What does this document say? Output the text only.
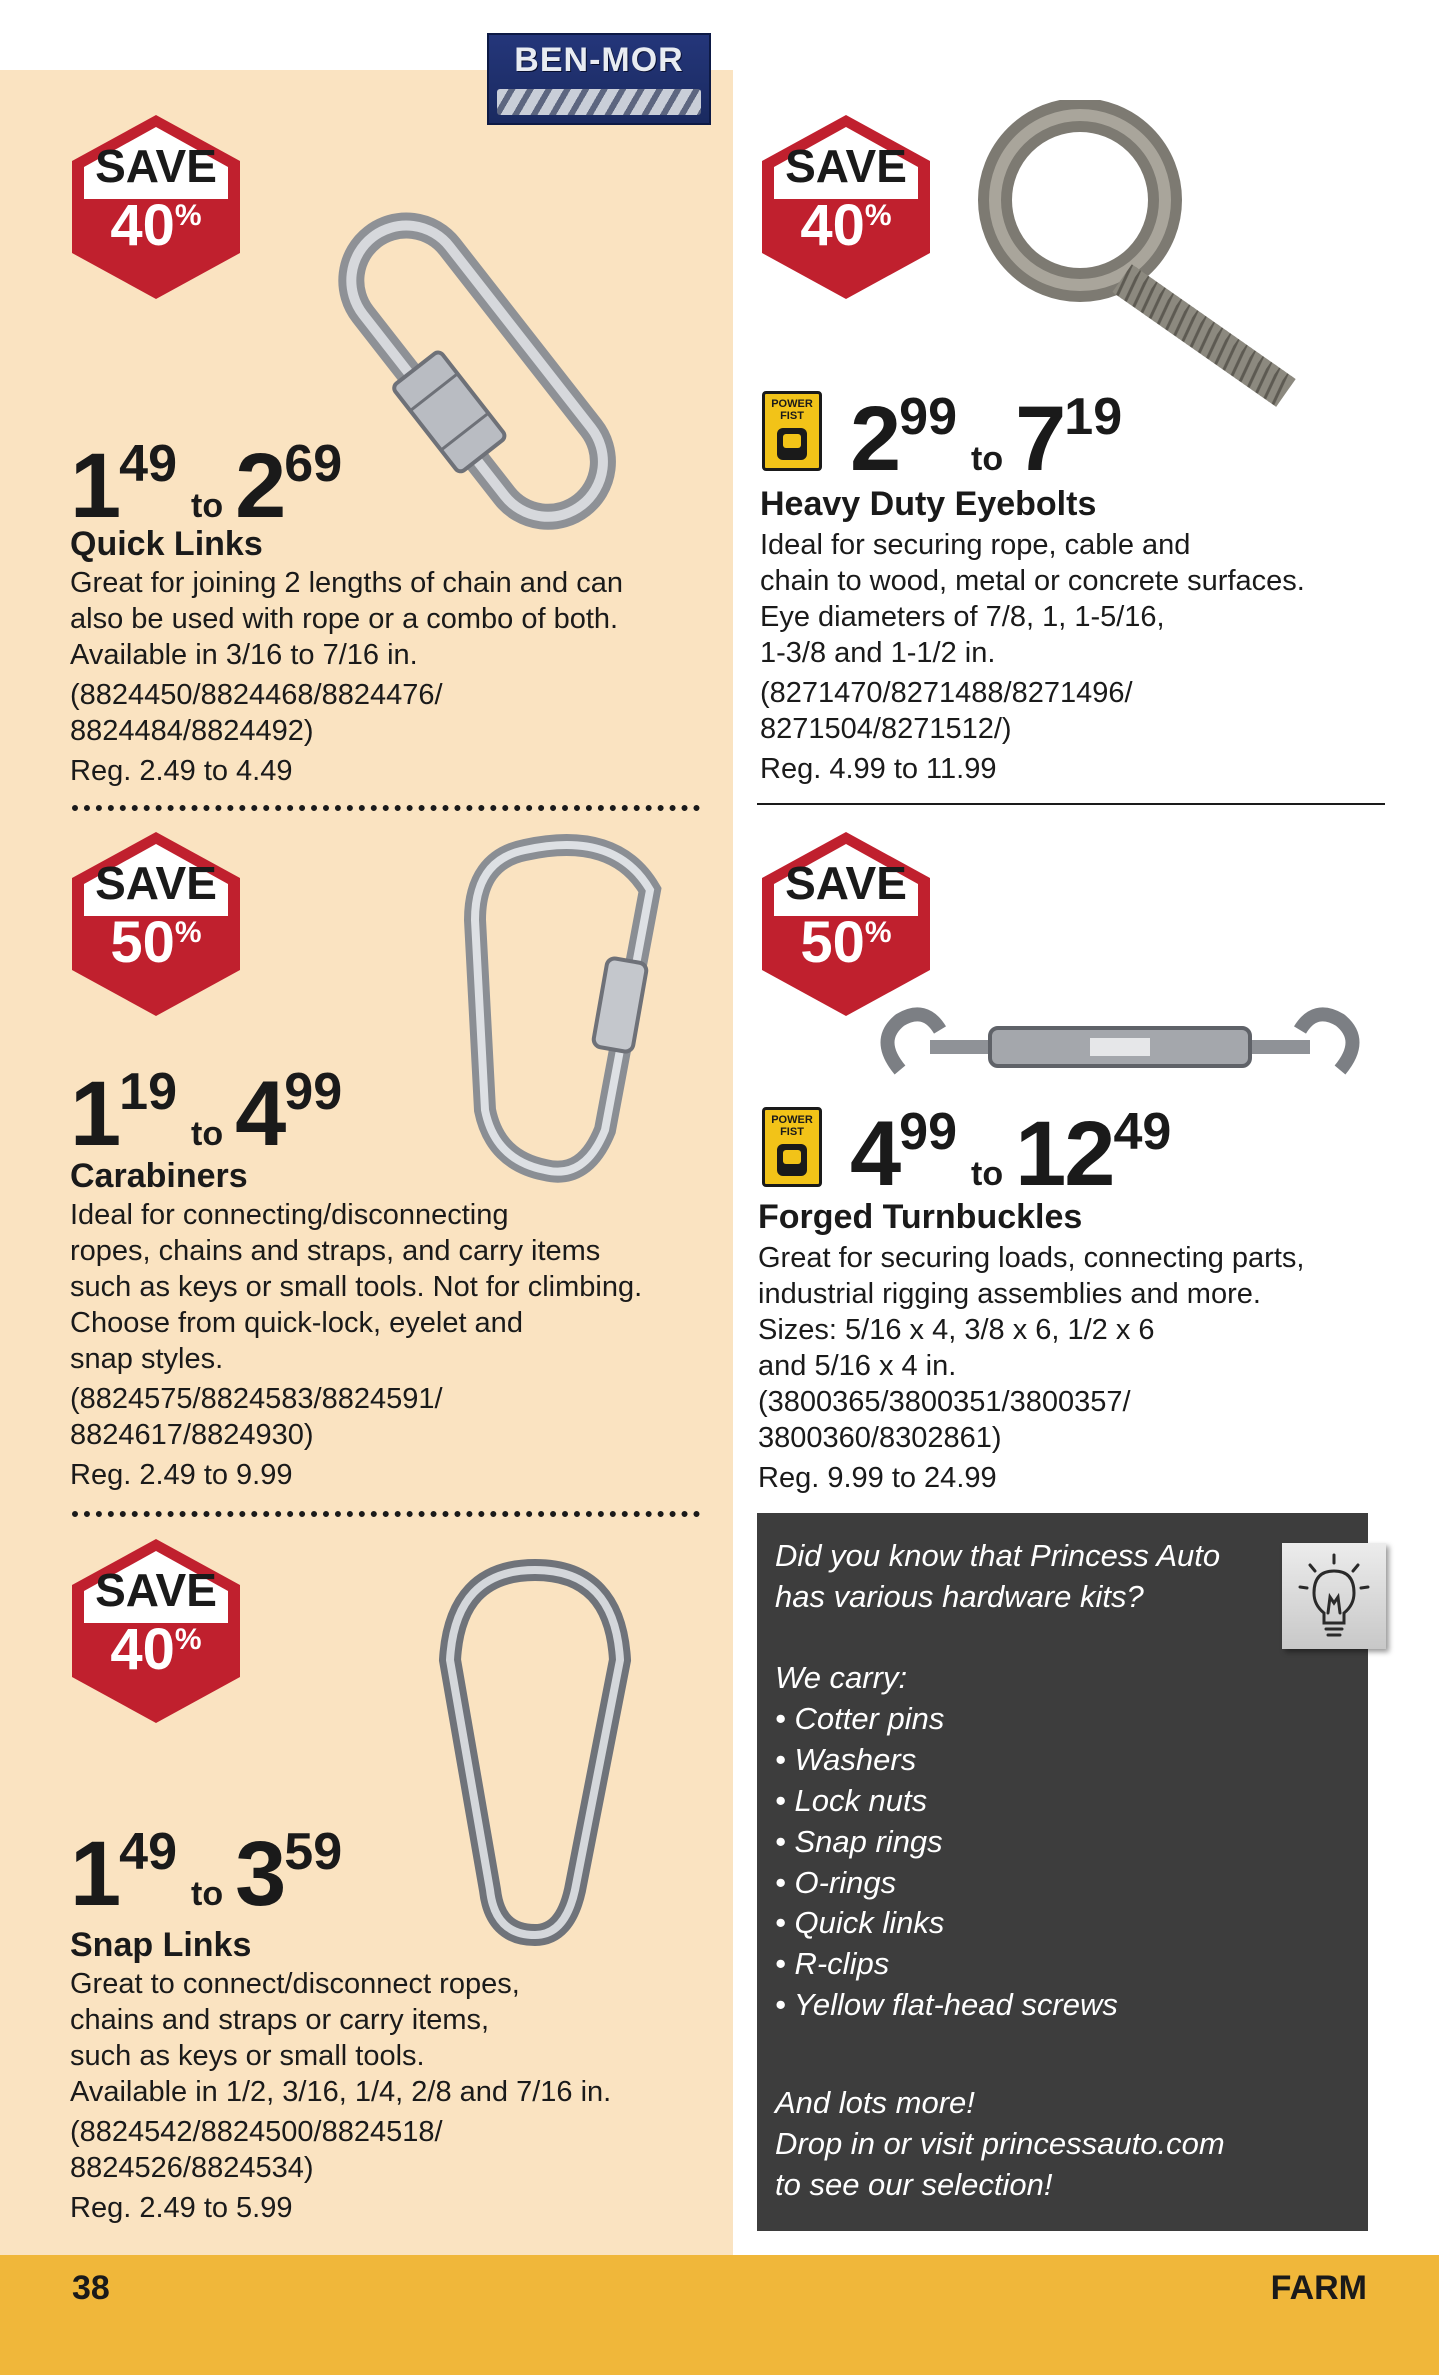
BEN-MOR
SAVE
40%
149to 269
Quick Links
Great for joining 2 lengths of chain and can
also be used with rope or a combo of both.
Available in 3/16 to 7/16 in.
(8824450/8824468/8824476/
8824484/8824492)
Reg. 2.49 to 4.49
SAVE
50%
119to 499
Carabiners
Ideal for connecting/disconnecting
ropes, chains and straps, and carry items
such as keys or small tools. Not for climbing.
Choose from quick-lock, eyelet and
snap styles.
(8824575/8824583/8824591/
8824617/8824930)
Reg. 2.49 to 9.99
SAVE
40%
149to 359
Snap Links
Great to connect/disconnect ropes,
chains and straps or carry items,
such as keys or small tools.
Available in 1/2, 3/16, 1/4, 2/8 and 7/16 in.
(8824542/8824500/8824518/
8824526/8824534)
Reg. 2.49 to 5.99
SAVE
40%
POWER
FIST 299to 719
Heavy Duty Eyebolts
Ideal for securing rope, cable and
chain to wood, metal or concrete surfaces.
Eye diameters of 7/8, 1, 1-5/16,
1-3/8 and 1-1/2 in.
(8271470/8271488/8271496/
8271504/8271512/)
Reg. 4.99 to 11.99
SAVE
50%
POWER
FIST 499to 1249
Forged Turnbuckles
Great for securing loads, connecting parts,
industrial rigging assemblies and more.
Sizes: 5/16 x 4, 3/8 x 6, 1/2 x 6
and 5/16 x 4 in.
(3800365/3800351/3800357/
3800360/8302861)
Reg. 9.99 to 24.99
Did you know that Princess Auto
has various hardware kits?
We carry:
• Cotter pins
• Washers
• Lock nuts
• Snap rings
• O-rings
• Quick links
• R-clips
• Yellow flat-head screws
And lots more!
Drop in or visit princessauto.com
to see our selection!
38	FARM
